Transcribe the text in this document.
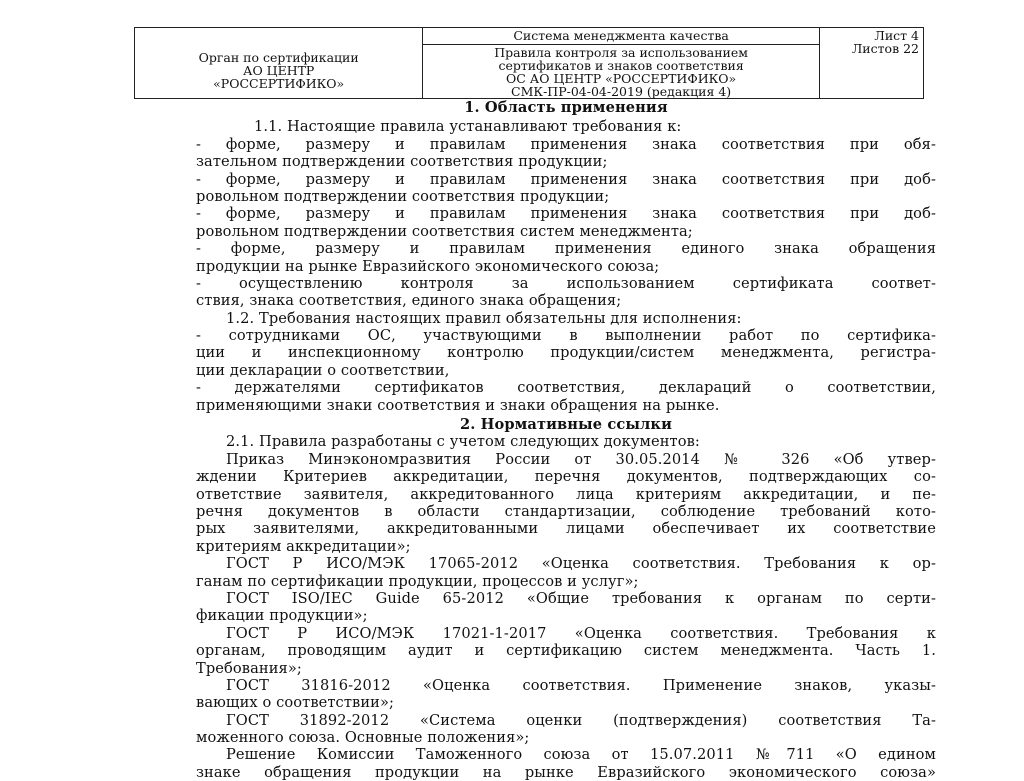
Орган по сертификации
АО ЦЕНТР
«РОССЕРТИФИКО»

Система менеджмента качества
Правила контроля за использованием
сертификатов и знаков соответствия
ОС АО ЦЕНТР «РОССЕРТИФИКО»
СМК-ПР-04-04-2019 (редакция 4)

Лист 4
Листов 22
1. Область применения
1.1. Настоящие правила устанавливают требования к:
- форме, размеру и правилам применения знака соответствия при обя-
зательном подтверждении соответствия продукции;
- форме, размеру и правилам применения знака соответствия при доб-
ровольном подтверждении соответствия продукции;
- форме, размеру и правилам применения знака соответствия при доб-
ровольном подтверждении соответствия систем менеджмента;
- форме, размеру и правилам применения единого знака обращения
продукции на рынке Евразийского экономического союза;
- осуществлению контроля за использованием сертификата соответ-
ствия, знака соответствия, единого знака обращения;
1.2. Требования настоящих правил обязательны для исполнения:
- сотрудниками ОС, участвующими в выполнении работ по сертифика-
ции и инспекционному контролю продукции/систем менеджмента, регистра-
ции декларации о соответствии,
- держателями сертификатов соответствия, деклараций о соответствии,
применяющими знаки соответствия и знаки обращения на рынке.
2. Нормативные ссылки
2.1. Правила разработаны с учетом следующих документов:
Приказ Минэкономразвития России от 30.05.2014 № 326 «Об утвер-
ждении Критериев аккредитации, перечня документов, подтверждающих со-
ответствие заявителя, аккредитованного лица критериям аккредитации, и пе-
речня документов в области стандартизации, соблюдение требований кото-
рых заявителями, аккредитованными лицами обеспечивает их соответствие
критериям аккредитации»;
ГОСТ Р ИСО/МЭК 17065-2012 «Оценка соответствия. Требования к ор-
ганам по сертификации продукции, процессов и услуг»;
ГОСТ ISO/IEC Guide 65-2012 «Общие требования к органам по серти-
фикации продукции»;
ГОСТ Р ИСО/МЭК 17021-1-2017 «Оценка соответствия. Требования к
органам, проводящим аудит и сертификацию систем менеджмента. Часть 1.
Требования»;
ГОСТ 31816-2012 «Оценка соответствия. Применение знаков, указы-
вающих о соответствии»;
ГОСТ 31892-2012 «Система оценки (подтверждения) соответствия Та-
моженного союза. Основные положения»;
Решение Комиссии Таможенного союза от 15.07.2011 №711 «О едином
знаке обращения продукции на рынке Евразийского экономического союза»
